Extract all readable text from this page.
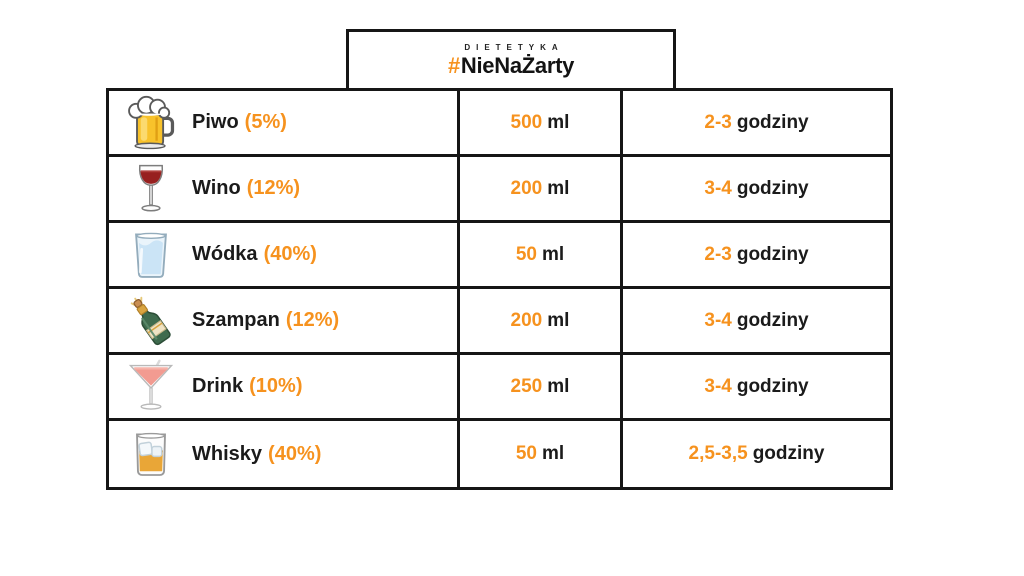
DIETETYKA
#NieNaŻarty
Piwo (5%)	500 ml	2-3 godziny
Wino (12%)	200 ml	3-4 godziny
Wódka (40%)	50 ml	2-3 godziny
Szampan (12%)	200 ml	3-4 godziny
Drink (10%)	250 ml	3-4 godziny
Whisky (40%)	50 ml	2,5-3,5 godziny
